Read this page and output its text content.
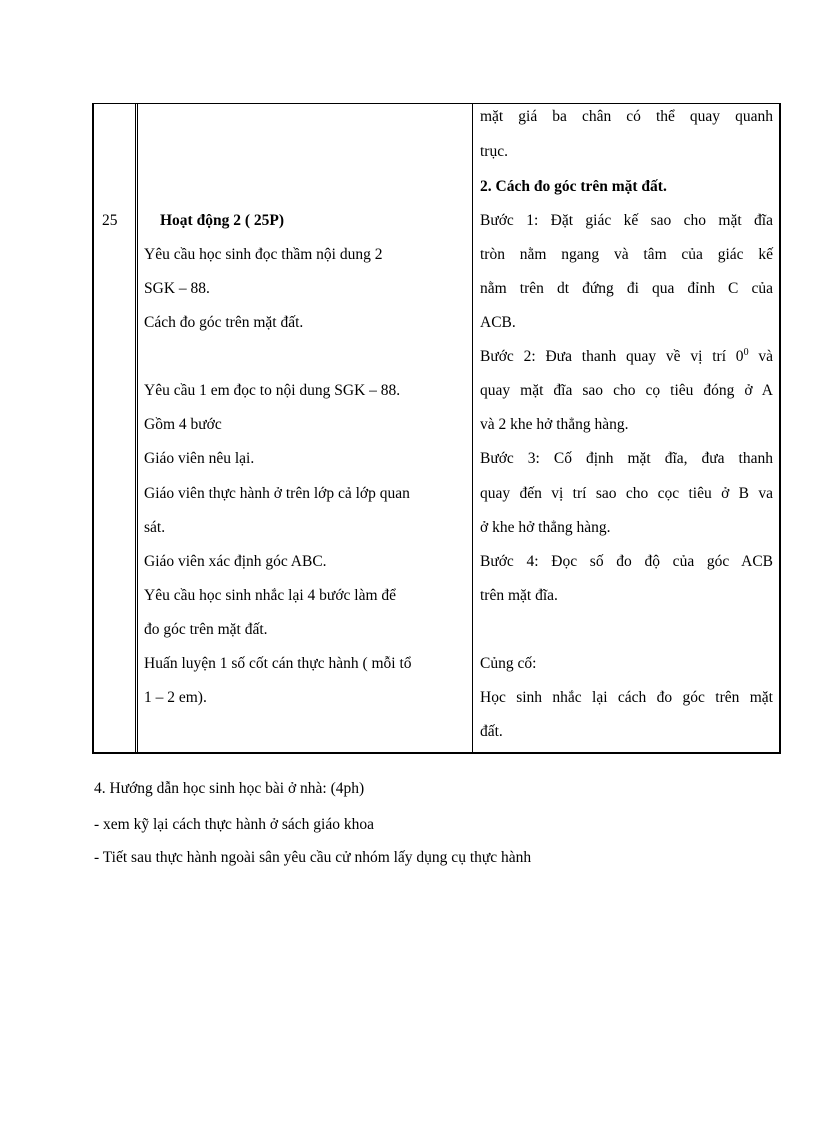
25	Hoạt động 2 ( 25P)
Yêu cầu học sinh đọc thầm nội dung 2
SGK – 88.
Cách đo góc trên mặt đất.
Yêu cầu 1 em đọc to nội dung SGK – 88.
Gồm 4 bước
Giáo viên nêu lại.
Giáo viên thực hành ở trên lớp cả lớp quan
sát.
Giáo viên xác định góc ABC.
Yêu cầu học sinh nhắc lại 4 bước làm để
đo góc trên mặt đất.
Huấn luyện 1 số cốt cán thực hành ( mỗi tổ
1 – 2 em).
mặt giá ba chân có thể quay quanh
trục.
2. Cách đo góc trên mặt đất.
Bước 1: Đặt giác kế sao cho mặt đĩa
tròn nằm ngang và tâm của giác kế
nằm trên dt đứng đi qua đỉnh C của
ACB.
Bước 2: Đưa thanh quay về vị trí $0^0$ và
quay mặt đĩa sao cho cọ tiêu đóng ở A
và 2 khe hở thẳng hàng.
Bước 3: Cố định mặt đĩa, đưa thanh
quay đến vị trí sao cho cọc tiêu ở B va
ở khe hở thẳng hàng.
Bước 4: Đọc số đo độ của góc ACB
trên mặt đĩa.
Củng cố:
Học sinh nhắc lại cách đo góc trên mặt
đất.
4. Hướng dẫn học sinh học bài ở nhà: (4ph)
- xem kỹ lại cách thực hành ở sách giáo khoa
- Tiết sau thực hành ngoài sân yêu cầu cử nhóm lấy dụng cụ thực hành
